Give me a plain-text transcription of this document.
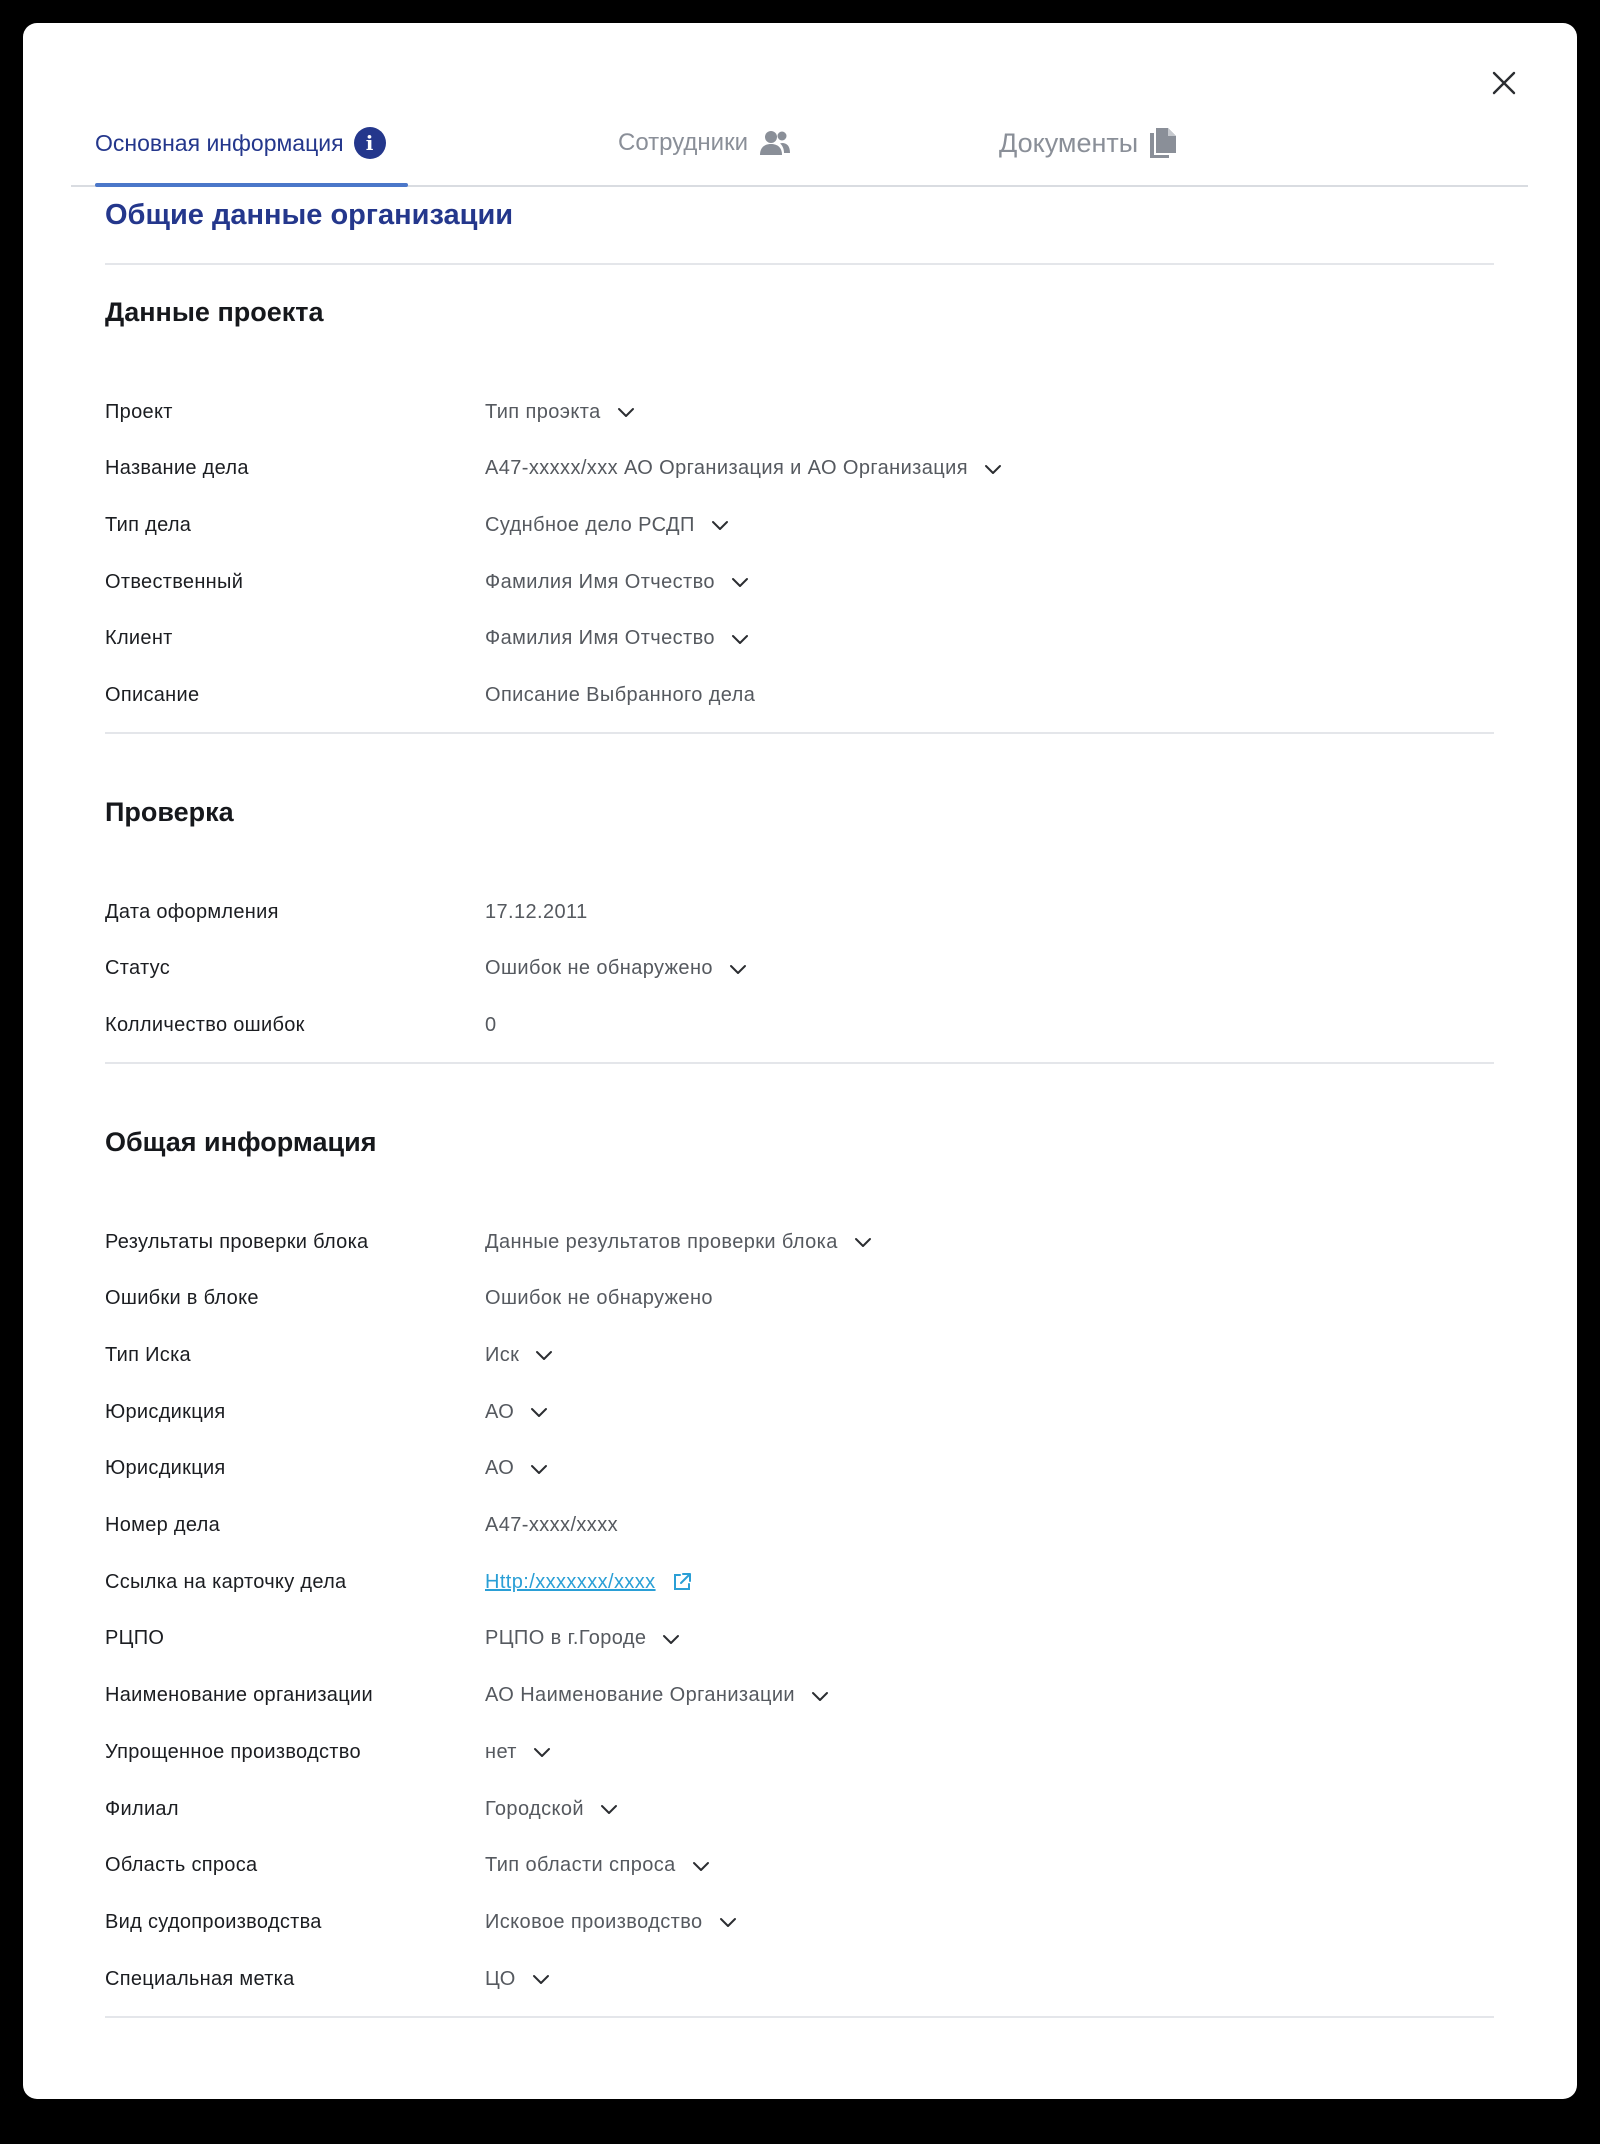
Основная информация	i	Сотрудники	Документы
Общие данные организации
Данные проекта
Проект	Тип проэкта
Название дела	А47-xxxxx/xxx АО Организация и АО Организация
Тип дела	Суднбное дело РСДП
Отвественный	Фамилия Имя Отчество
Клиент	Фамилия Имя Отчество
Описание	Описание Выбранного дела
Проверка
Дата оформления	17.12.2011
Статус	Ошибок не обнаружено
Колличество ошибок	0
Общая информация
Результаты проверки блока	Данные результатов проверки блока
Ошибки в блоке	Ошибок не обнаружено
Тип Иска	Иск
Юрисдикция	АО
Юрисдикция	АО
Номер дела	А47-xxxx/xxxx
Ссылка на карточку дела	Http:/xxxxxxx/xxxx
РЦПО	РЦПО в г.Городе
Наименование организации	АО Наименование Организации
Упрощенное производство	нет
Филиал	Городской
Область спроса	Тип области спроса
Вид судопроизводства	Исковое производство
Специальная метка	ЦО
